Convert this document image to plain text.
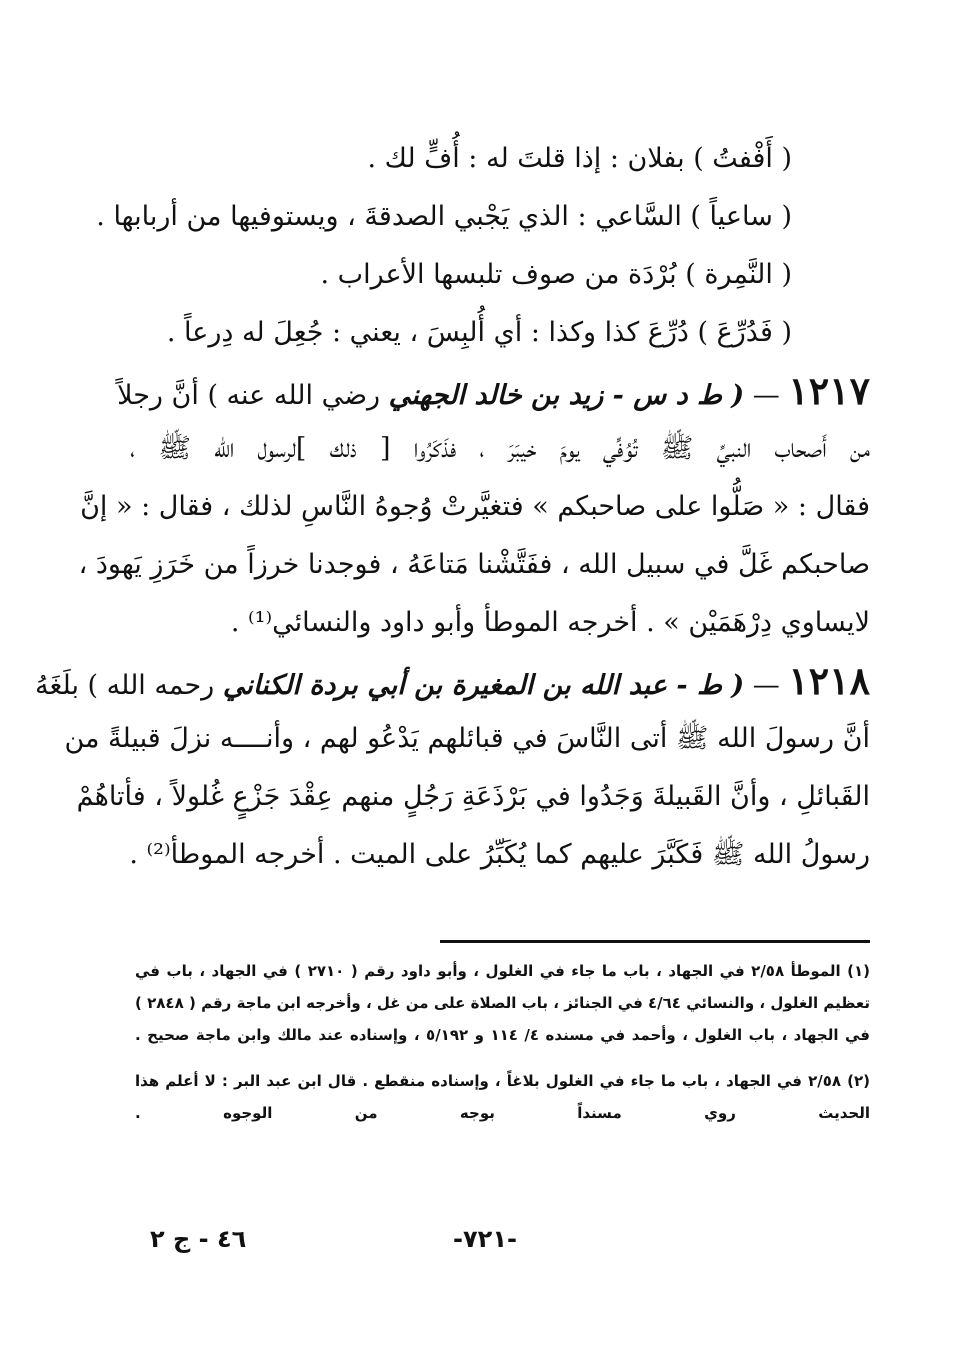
( أَفْفتُ ) بفلان : إذا قلتَ له : أُفٍّ لك .
( ساعياً ) السَّاعي : الذي يَجْبي الصدقةَ ، ويستوفيها من أربابها .
( النَّمِرة ) بُرْدَة من صوف تلبسها الأعراب .
( فَدُرِّعَ ) دُرِّعَ كذا وكذا : أي أُلبِسَ ، يعني : جُعِلَ له دِرعاً .
١٢١٧ — ( ط د س - زيد بن خالد الجهني رضي الله عنه ) أنَّ رجلاً
من أَصحاب النبيِّ ﷺ تُوُفِّي يومَ خيبَرَ ، فذَكَرُوا [ ذلك ]لرسول الله ﷺ ،
فقال : « صَلُّوا على صاحبكم » فتغيَّرتْ وُجوهُ النَّاسِ لذلك ، فقال : « إنَّ
صاحبكم غَلَّ في سبيل الله ، ففَتَّشْنا مَتاعَهُ ، فوجدنا خرزاً من خَرَزِ يَهودَ ،
لايساوي دِرْهَمَيْن » . أخرجه الموطأ وأبو داود والنسائي⁽¹⁾ .
١٢١٨ — ( ط - عبد الله بن المغيرة بن أبي بردة الكناني رحمه الله ) بلَغَهُ
أنَّ رسولَ الله ﷺ أتى النَّاسَ في قبائلهم يَدْعُو لهم ، وأنــــه نزلَ قبيلةً من
القَبائلِ ، وأنَّ القَبيلةَ وَجَدُوا في بَرْذَعَةِ رَجُلٍ منهم عِقْدَ جَزْعٍ غُلولاً ، فأتاهُمْ
رسولُ الله ﷺ فَكَبَّرَ عليهم كما يُكَبِّرُ على الميت . أخرجه الموطأ⁽²⁾ .
(١) الموطأ ٢/٥٨ في الجهاد ، باب ما جاء في الغلول ، وأبو داود رقم ( ٢٧١٠ ) في الجهاد ، باب في تعظيم الغلول ، والنسائي ٤/٦٤ في الجنائز ، باب الصلاة على من غل ، وأخرجه ابن ماجة رقم ( ٢٨٤٨ ) في الجهاد ، باب الغلول ، وأحمد في مسنده ٤/ ١١٤ و ٥/١٩٢ ، وإسناده عند مالك وابن ماجة صحيح .
(٢) ٢/٥٨ في الجهاد ، باب ما جاء في الغلول بلاغاً ، وإسناده منقطع . قال ابن عبد البر : لا أعلم هذا الحديث روي مسنداً بوجه من الوجوه .
-٧٢١-
٤٦ - ج ٢
